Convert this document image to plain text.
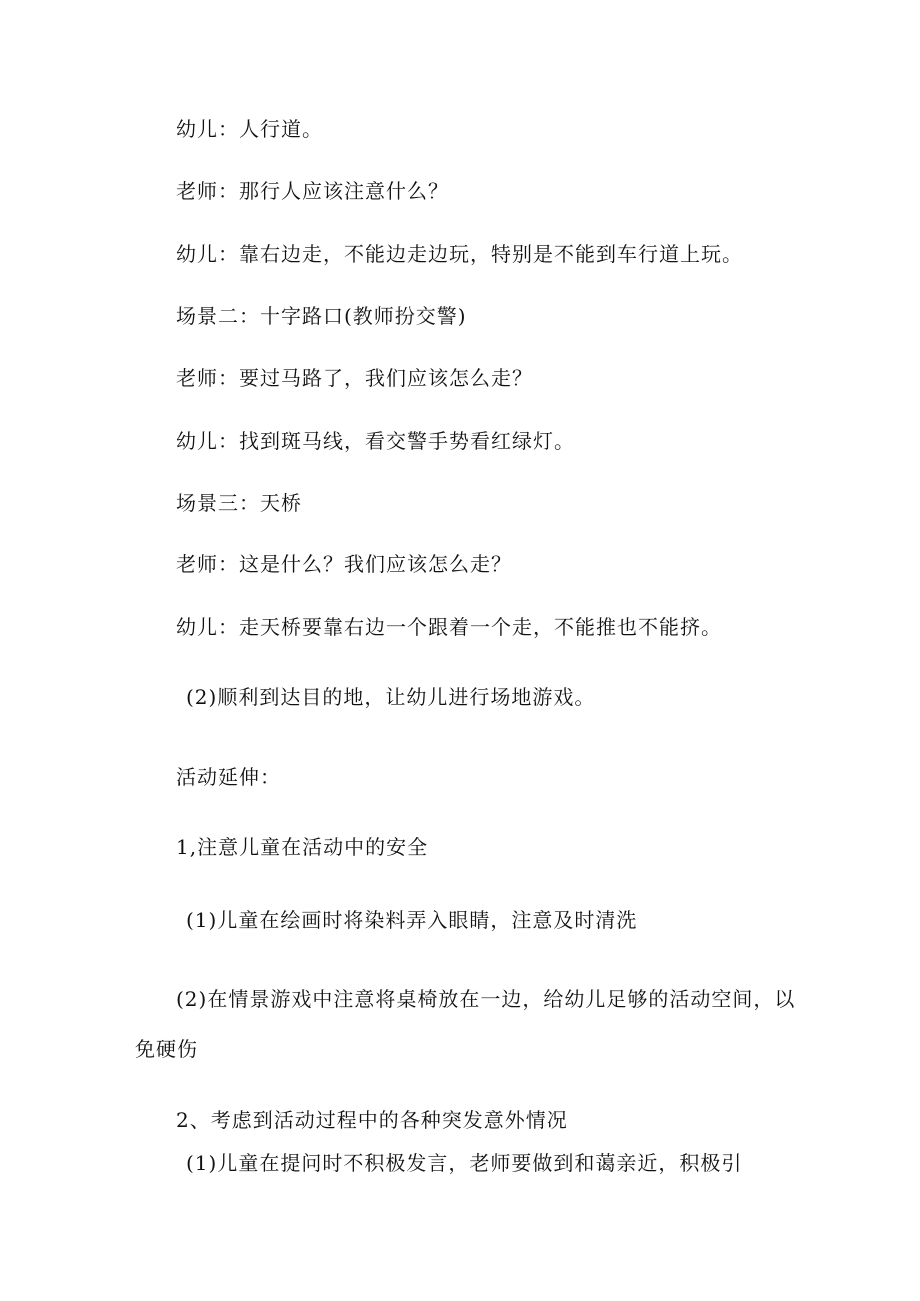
幼儿：人行道。
老师：那行人应该注意什么？
幼儿：靠右边走，不能边走边玩，特别是不能到车行道上玩。
场景二：十字路口(教师扮交警)
老师：要过马路了，我们应该怎么走？
幼儿：找到斑马线，看交警手势看红绿灯。
场景三：天桥
老师：这是什么？我们应该怎么走？
幼儿：走天桥要靠右边一个跟着一个走，不能推也不能挤。
(2)顺利到达目的地，让幼儿进行场地游戏。
活动延伸：
1,注意儿童在活动中的安全
(1)儿童在绘画时将染料弄入眼睛，注意及时清洗
(2)在情景游戏中注意将桌椅放在一边，给幼儿足够的活动空间，以
免硬伤
2、考虑到活动过程中的各种突发意外情况
(1)儿童在提问时不积极发言，老师要做到和蔼亲近，积极引
